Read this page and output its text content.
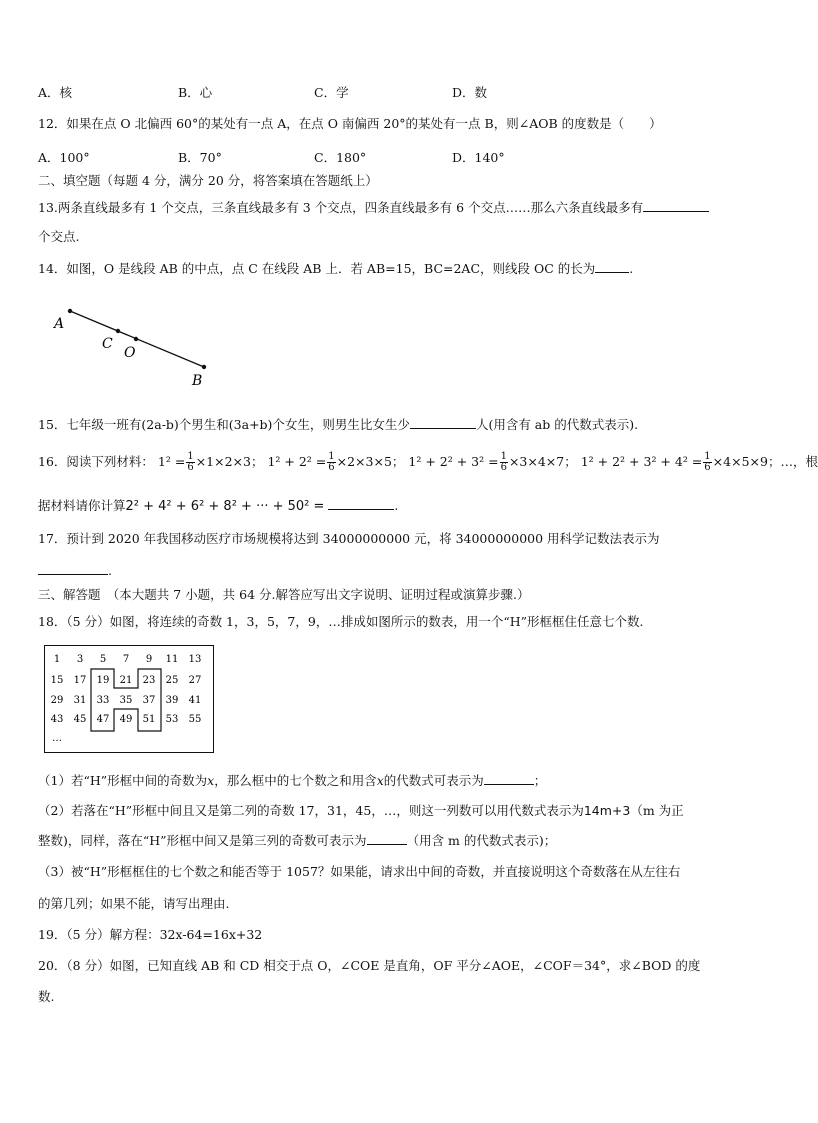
A．核	B．心	C．学	D．数
12．如果在点 O 北偏西 60°的某处有一点 A，在点 O 南偏西 20°的某处有一点 B，则∠AOB 的度数是（　　）
A．100°	B．70°	C．180°	D．140°
二、填空题（每题 4 分，满分 20 分，将答案填在答题纸上）
13.两条直线最多有 1 个交点，三条直线最多有 3 个交点，四条直线最多有 6 个交点……那么六条直线最多有
个交点.
14．如图，O 是线段 AB 的中点，点 C 在线段 AB 上．若 AB=15，BC=2AC，则线段 OC 的长为	.
A
C
O
B
15．七年级一班有(2a-b)个男生和(3a+b)个女生，则男生比女生少	人(用含有 ab 的代数式表示).
16．阅读下列材料： $1^2 = \frac{1}{6} \times 1\times 2\times 3$； $1^2 + 2^2 = \frac{1}{6} \times 2\times 3\times 5$； $1^2 + 2^2 + 3^2 = \frac{1}{6} \times 3\times 4\times 7$； $1^2 + 2^2 + 3^2 + 4^2 = \frac{1}{6} \times 4\times 5\times 9$；…，根
据材料请你计算2² + 4² + 6² + 8² + ··· + 50² =	.
17．预计到 2020 年我国移动医疗市场规模将达到 34000000000 元，将 34000000000 用科学记数法表示为
.
三、解答题　（本大题共 7 小题，共 64 分.解答应写出文字说明、证明过程或演算步骤.）
18．（5 分）如图，将连续的奇数 1，3，5，7，9，…排成如图所示的数表，用一个“H”形框框住任意七个数.
1 3 5 7 9 11 13
15 17 19 21 23 25 27
29 31 33 35 37 39 41
43 45 47 49 51 53 55
…
（1）若“H”形框中间的奇数为x，那么框中的七个数之和用含x的代数式可表示为	；
（2）若落在“H”形框中间且又是第二列的奇数 17，31，45，…，则这一列数可以用代数式表示为14m+3（m 为正
整数)，同样，落在“H”形框中间又是第三列的奇数可表示为	（用含 m 的代数式表示)；
（3）被“H”形框框住的七个数之和能否等于 1057？如果能，请求出中间的奇数，并直接说明这个奇数落在从左往右
的第几列；如果不能，请写出理由.
19．（5 分）解方程：32x-64=16x+32
20．（8 分）如图，已知直线 AB 和 CD 相交于点 O，∠COE 是直角，OF 平分∠AOE，∠COF＝34°，求∠BOD 的度
数.
